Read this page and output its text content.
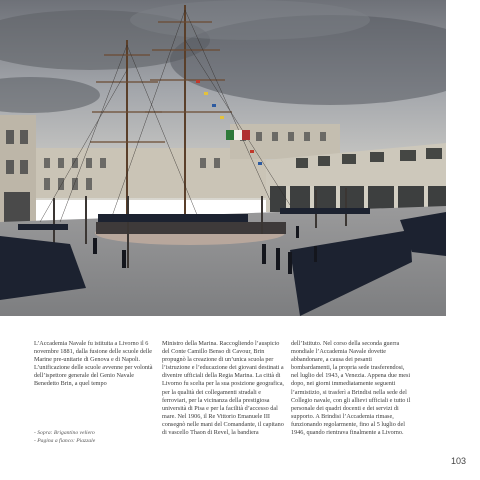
L’Accademia Navale fu istituita a Livorno il 6 novembre 1881, dalla fusione delle scuole delle Marine pre-unitarie di Genova e di Napoli. L’unificazione delle scuole avvenne per volontà dell’ispettore generale del Genio Navale Benedetto Brin, a quel tempo

Ministro della Marina. Raccogliendo l’auspicio del Conte Camillo Benso di Cavour, Brin propugnò la creazione di un’unica scuola per l’istruzione e l’educazione dei giovani destinati a divenire ufficiali della Regia Marina. La città di Livorno fu scelta per la sua posizione geografica, per la qualità dei collegamenti stradali e ferroviari, per la vicinanza della prestigiosa università di Pisa e per la facilità d’accesso dal mare. Nel 1906, il Re Vittorio Emanuele III consegnò nelle mani del Comandante, il capitano di vascello Thaon di Revel, la bandiera

dell’Istituto. Nel corso della seconda guerra mondiale l’Accademia Navale dovette abbandonare, a causa dei pesanti bombardamenti, la propria sede trasferendosi, nel luglio del 1943, a Venezia. Appena due mesi dopo, nei giorni immediatamente seguenti l’armistizio, si trasferì a Brindisi nella sede del Collegio navale, con gli allievi ufficiali e tutto il personale dei quadri docenti e dei servizi di supporto. A Brindisi l’Accademia rimase, funzionando regolarmente, fino al 5 luglio del 1946, quando rientrava finalmente a Livorno.

- Sopra: Brigantino veliero
- Pagina a fianco: Piazzale
103
